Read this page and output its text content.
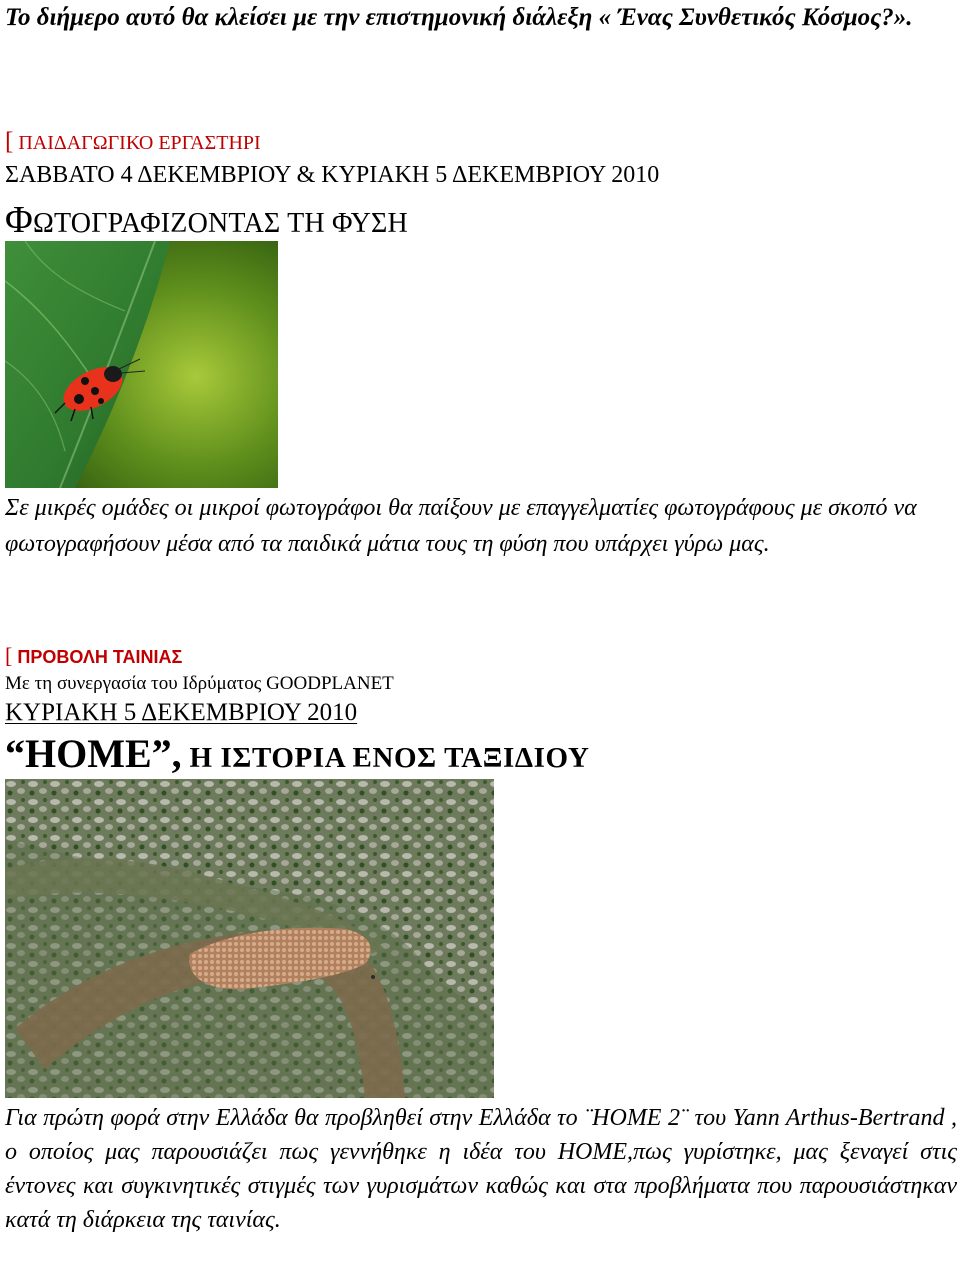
Το διήμερο αυτό θα κλείσει με την επιστημονική διάλεξη « Ένας Συνθετικός Κόσμος?».

[ ΠΑΙΔΑΓΩΓΙΚΟ ΕΡΓΑΣΤΗΡΙ
ΣΑΒΒΑΤΟ 4 ΔΕΚΕΜΒΡΙΟΥ & ΚΥΡΙΑΚΗ 5 ΔΕΚΕΜΒΡΙΟΥ 2010
ΦΩΤΟΓΡΑΦΙΖΟΝΤΑΣ ΤΗ ΦΥΣΗ

Σε μικρές ομάδες οι μικροί φωτογράφοι θα παίξουν με επαγγελματίες φωτογράφους με σκοπό να φωτογραφήσουν μέσα από τα παιδικά μάτια τους τη φύση που υπάρχει γύρω μας.

[ ΠΡΟΒΟΛΗ ΤΑΙΝΙΑΣ
Με τη συνεργασία του Ιδρύματος GOODPLANET
ΚΥΡΙΑΚΗ 5 ΔΕΚΕΜΒΡΙΟΥ 2010
“HOME”, Η ΙΣΤΟΡΙΑ ΕΝΟΣ ΤΑΞΙΔΙΟΥ

Για πρώτη φορά στην Ελλάδα θα προβληθεί στην Ελλάδα το ¨HOME 2¨ του Yann Arthus-Bertrand , ο οποίος μας παρουσιάζει πως γεννήθηκε η ιδέα του HOME,πως γυρίστηκε, μας ξεναγεί στις έντονες και συγκινητικές στιγμές των γυρισμάτων καθώς και στα προβλήματα που παρουσιάστηκαν κατά τη διάρκεια της ταινίας.
